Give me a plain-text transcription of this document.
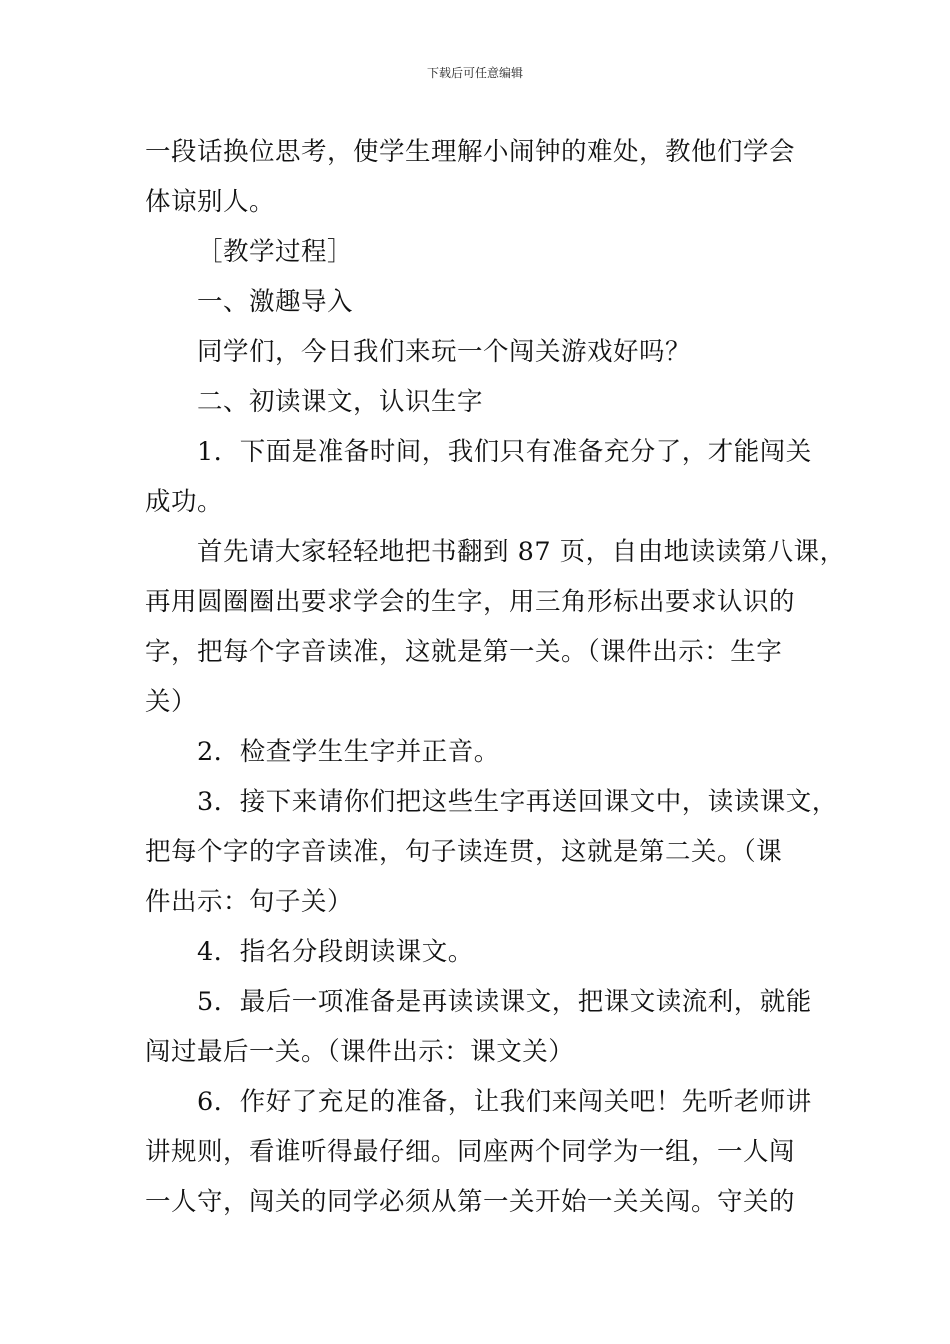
下载后可任意编辑

一段话换位思考，使学生理解小闹钟的难处，教他们学会

体谅别人。

［教学过程］

一、激趣导入

同学们，今日我们来玩一个闯关游戏好吗？

二、初读课文，认识生字

1．下面是准备时间，我们只有准备充分了，才能闯关

成功。

首先请大家轻轻地把书翻到 87 页，自由地读读第八课，

再用圆圈圈出要求学会的生字，用三角形标出要求认识的

字，把每个字音读准，这就是第一关。（课件出示：生字

关）

2．检查学生生字并正音。

3．接下来请你们把这些生字再送回课文中，读读课文，

把每个字的字音读准，句子读连贯，这就是第二关。（课

件出示：句子关）

4．指名分段朗读课文。

5．最后一项准备是再读读课文，把课文读流利，就能

闯过最后一关。（课件出示：课文关）

6．作好了充足的准备，让我们来闯关吧！先听老师讲

讲规则，看谁听得最仔细。同座两个同学为一组，一人闯

一人守，闯关的同学必须从第一关开始一关关闯。守关的
